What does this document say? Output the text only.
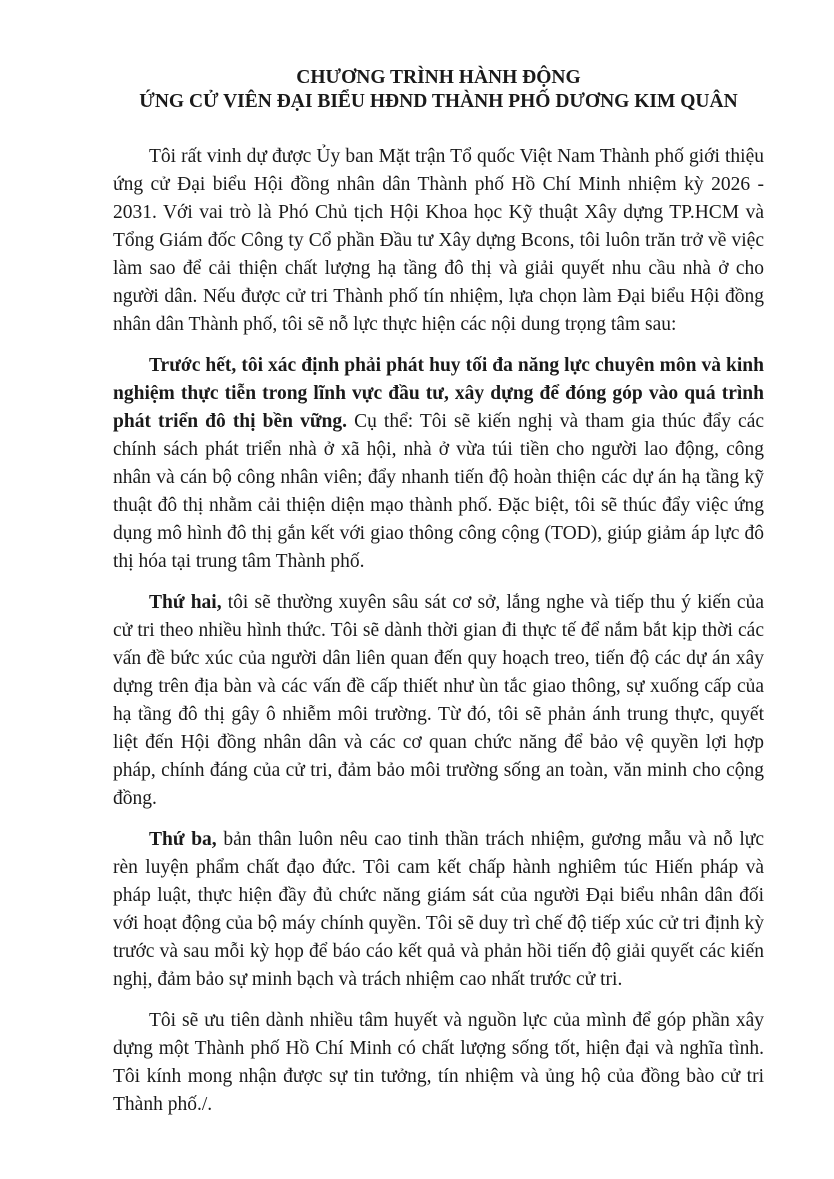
CHƯƠNG TRÌNH HÀNH ĐỘNG
ỨNG CỬ VIÊN ĐẠI BIỂU HĐND THÀNH PHỐ DƯƠNG KIM QUÂN

Tôi rất vinh dự được Ủy ban Mặt trận Tổ quốc Việt Nam Thành phố giới thiệu ứng cử Đại biểu Hội đồng nhân dân Thành phố Hồ Chí Minh nhiệm kỳ 2026 - 2031. Với vai trò là Phó Chủ tịch Hội Khoa học Kỹ thuật Xây dựng TP.HCM và Tổng Giám đốc Công ty Cổ phần Đầu tư Xây dựng Bcons, tôi luôn trăn trở về việc làm sao để cải thiện chất lượng hạ tầng đô thị và giải quyết nhu cầu nhà ở cho người dân. Nếu được cử tri Thành phố tín nhiệm, lựa chọn làm Đại biểu Hội đồng nhân dân Thành phố, tôi sẽ nỗ lực thực hiện các nội dung trọng tâm sau:

Trước hết, tôi xác định phải phát huy tối đa năng lực chuyên môn và kinh nghiệm thực tiễn trong lĩnh vực đầu tư, xây dựng để đóng góp vào quá trình phát triển đô thị bền vững. Cụ thể: Tôi sẽ kiến nghị và tham gia thúc đẩy các chính sách phát triển nhà ở xã hội, nhà ở vừa túi tiền cho người lao động, công nhân và cán bộ công nhân viên; đẩy nhanh tiến độ hoàn thiện các dự án hạ tầng kỹ thuật đô thị nhằm cải thiện diện mạo thành phố. Đặc biệt, tôi sẽ thúc đẩy việc ứng dụng mô hình đô thị gắn kết với giao thông công cộng (TOD), giúp giảm áp lực đô thị hóa tại trung tâm Thành phố.

Thứ hai, tôi sẽ thường xuyên sâu sát cơ sở, lắng nghe và tiếp thu ý kiến của cử tri theo nhiều hình thức. Tôi sẽ dành thời gian đi thực tế để nắm bắt kịp thời các vấn đề bức xúc của người dân liên quan đến quy hoạch treo, tiến độ các dự án xây dựng trên địa bàn và các vấn đề cấp thiết như ùn tắc giao thông, sự xuống cấp của hạ tầng đô thị gây ô nhiễm môi trường. Từ đó, tôi sẽ phản ánh trung thực, quyết liệt đến Hội đồng nhân dân và các cơ quan chức năng để bảo vệ quyền lợi hợp pháp, chính đáng của cử tri, đảm bảo môi trường sống an toàn, văn minh cho cộng đồng.

Thứ ba, bản thân luôn nêu cao tinh thần trách nhiệm, gương mẫu và nỗ lực rèn luyện phẩm chất đạo đức. Tôi cam kết chấp hành nghiêm túc Hiến pháp và pháp luật, thực hiện đầy đủ chức năng giám sát của người Đại biểu nhân dân đối với hoạt động của bộ máy chính quyền. Tôi sẽ duy trì chế độ tiếp xúc cử tri định kỳ trước và sau mỗi kỳ họp để báo cáo kết quả và phản hồi tiến độ giải quyết các kiến nghị, đảm bảo sự minh bạch và trách nhiệm cao nhất trước cử tri.

Tôi sẽ ưu tiên dành nhiều tâm huyết và nguồn lực của mình để góp phần xây dựng một Thành phố Hồ Chí Minh có chất lượng sống tốt, hiện đại và nghĩa tình. Tôi kính mong nhận được sự tin tưởng, tín nhiệm và ủng hộ của đồng bào cử tri Thành phố./.
